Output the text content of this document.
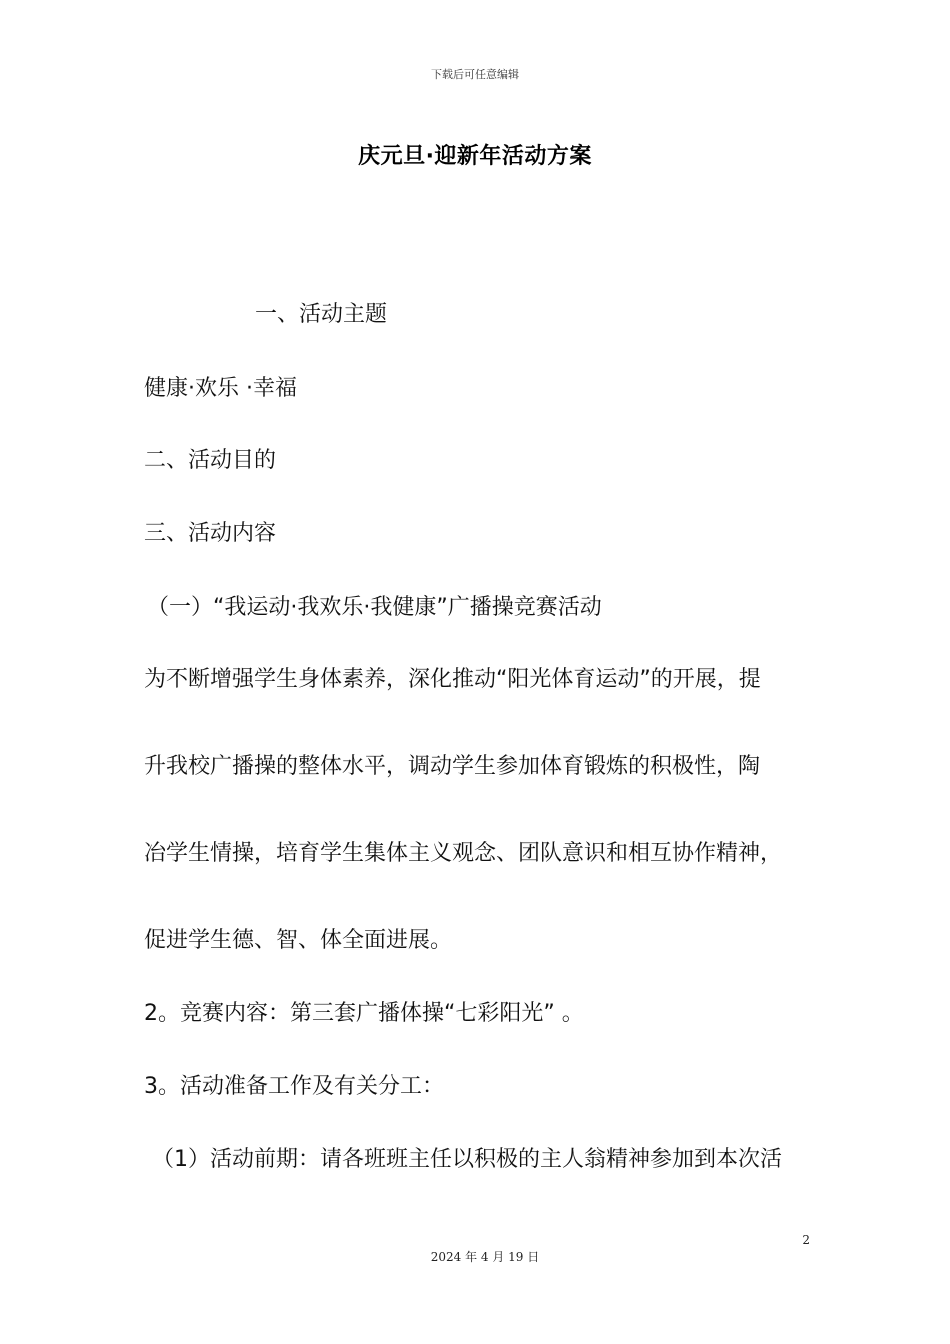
下载后可任意编辑
庆元旦·迎新年活动方案
一、活动主题
健康·欢乐 ·幸福
二、活动目的
三、活动内容
（一）“我运动·我欢乐·我健康”广播操竞赛活动
为不断增强学生身体素养，深化推动“阳光体育运动”的开展，提
升我校广播操的整体水平，调动学生参加体育锻炼的积极性，陶
冶学生情操，培育学生集体主义观念、团队意识和相互协作精神，
促进学生德、智、体全面进展。
2。竞赛内容：第三套广播体操“七彩阳光” 。
3。活动准备工作及有关分工：
（1）活动前期：请各班班主任以积极的主人翁精神参加到本次活
2
2024 年 4 月 19 日
